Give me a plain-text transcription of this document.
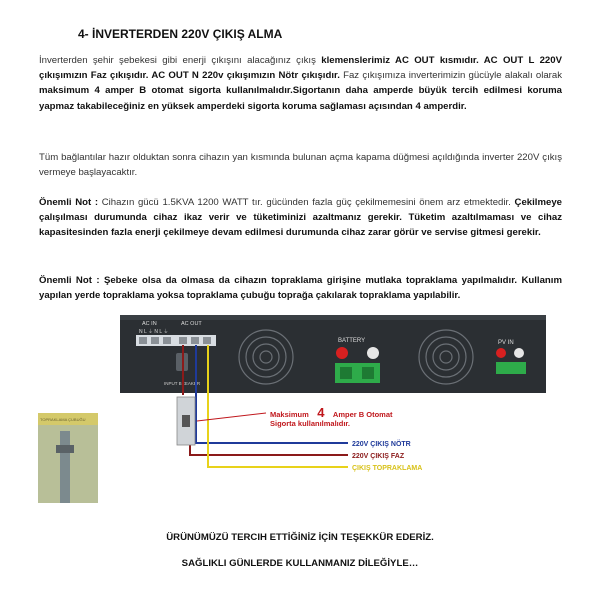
4- İNVERTERDEN 220V ÇIKIŞ ALMA
İnverterden şehir şebekesi gibi enerji çıkışını alacağınız çıkış klemenslerimiz AC OUT kısmıdır. AC OUT L 220V çıkışımızın Faz çıkışıdır. AC OUT N 220v çıkışımızın Nötr çıkışıdır. Faz çıkışımıza inverterimizin gücüyle alakalı olarak maksimum 4 amper B otomat sigorta kullanılmalıdır.Sigortanın daha amperde büyük tercih edilmesi koruma yapmaz takabileceğiniz en yüksek amperdeki sigorta koruma sağlaması açısından 4 amperdir.
Tüm bağlantılar hazır olduktan sonra cihazın yan kısmında bulunan açma kapama düğmesi açıldığında inverter 220V çıkış vermeye başlayacaktır.
Önemli Not : Cihazın gücü 1.5KVA 1200 WATT tır. gücünden fazla güç çekilmemesini önem arz etmektedir. Çekilmeye çalışılması durumunda cihaz ikaz verir ve tüketiminizi azaltmanız gerekir. Tüketim azaltılmaması ve cihaz kapasitesinden fazla enerji çekilmeye devam edilmesi durumunda cihaz zarar görür ve servise gitmesi gerekir.
Önemli Not : Şebeke olsa da olmasa da cihazın topraklama girişine mutlaka topraklama yapılmalıdır. Kullanım yapılan yerde topraklama yoksa topraklama çubuğu toprağa çakılarak topraklama yapılabilir.
AC IN	AC OUT
N L ⏚ N L ⏚
INPUT BREAKER
BATTERY	PV IN
Maksimum 4 Amper B Otomat
Sigorta kullanılmalıdır.
220V ÇIKIŞ NÖTR
220V ÇIKIŞ FAZ
ÇIKIŞ TOPRAKLAMA
TOPRAKLAMA ÇUBUĞU
ÜRÜNÜMÜZÜ TERCIH ETTİĞİNİZ İÇİN TEŞEKKÜR EDERİZ.
SAĞLIKLI GÜNLERDE KULLANMANIZ DİLEĞİYLE…
